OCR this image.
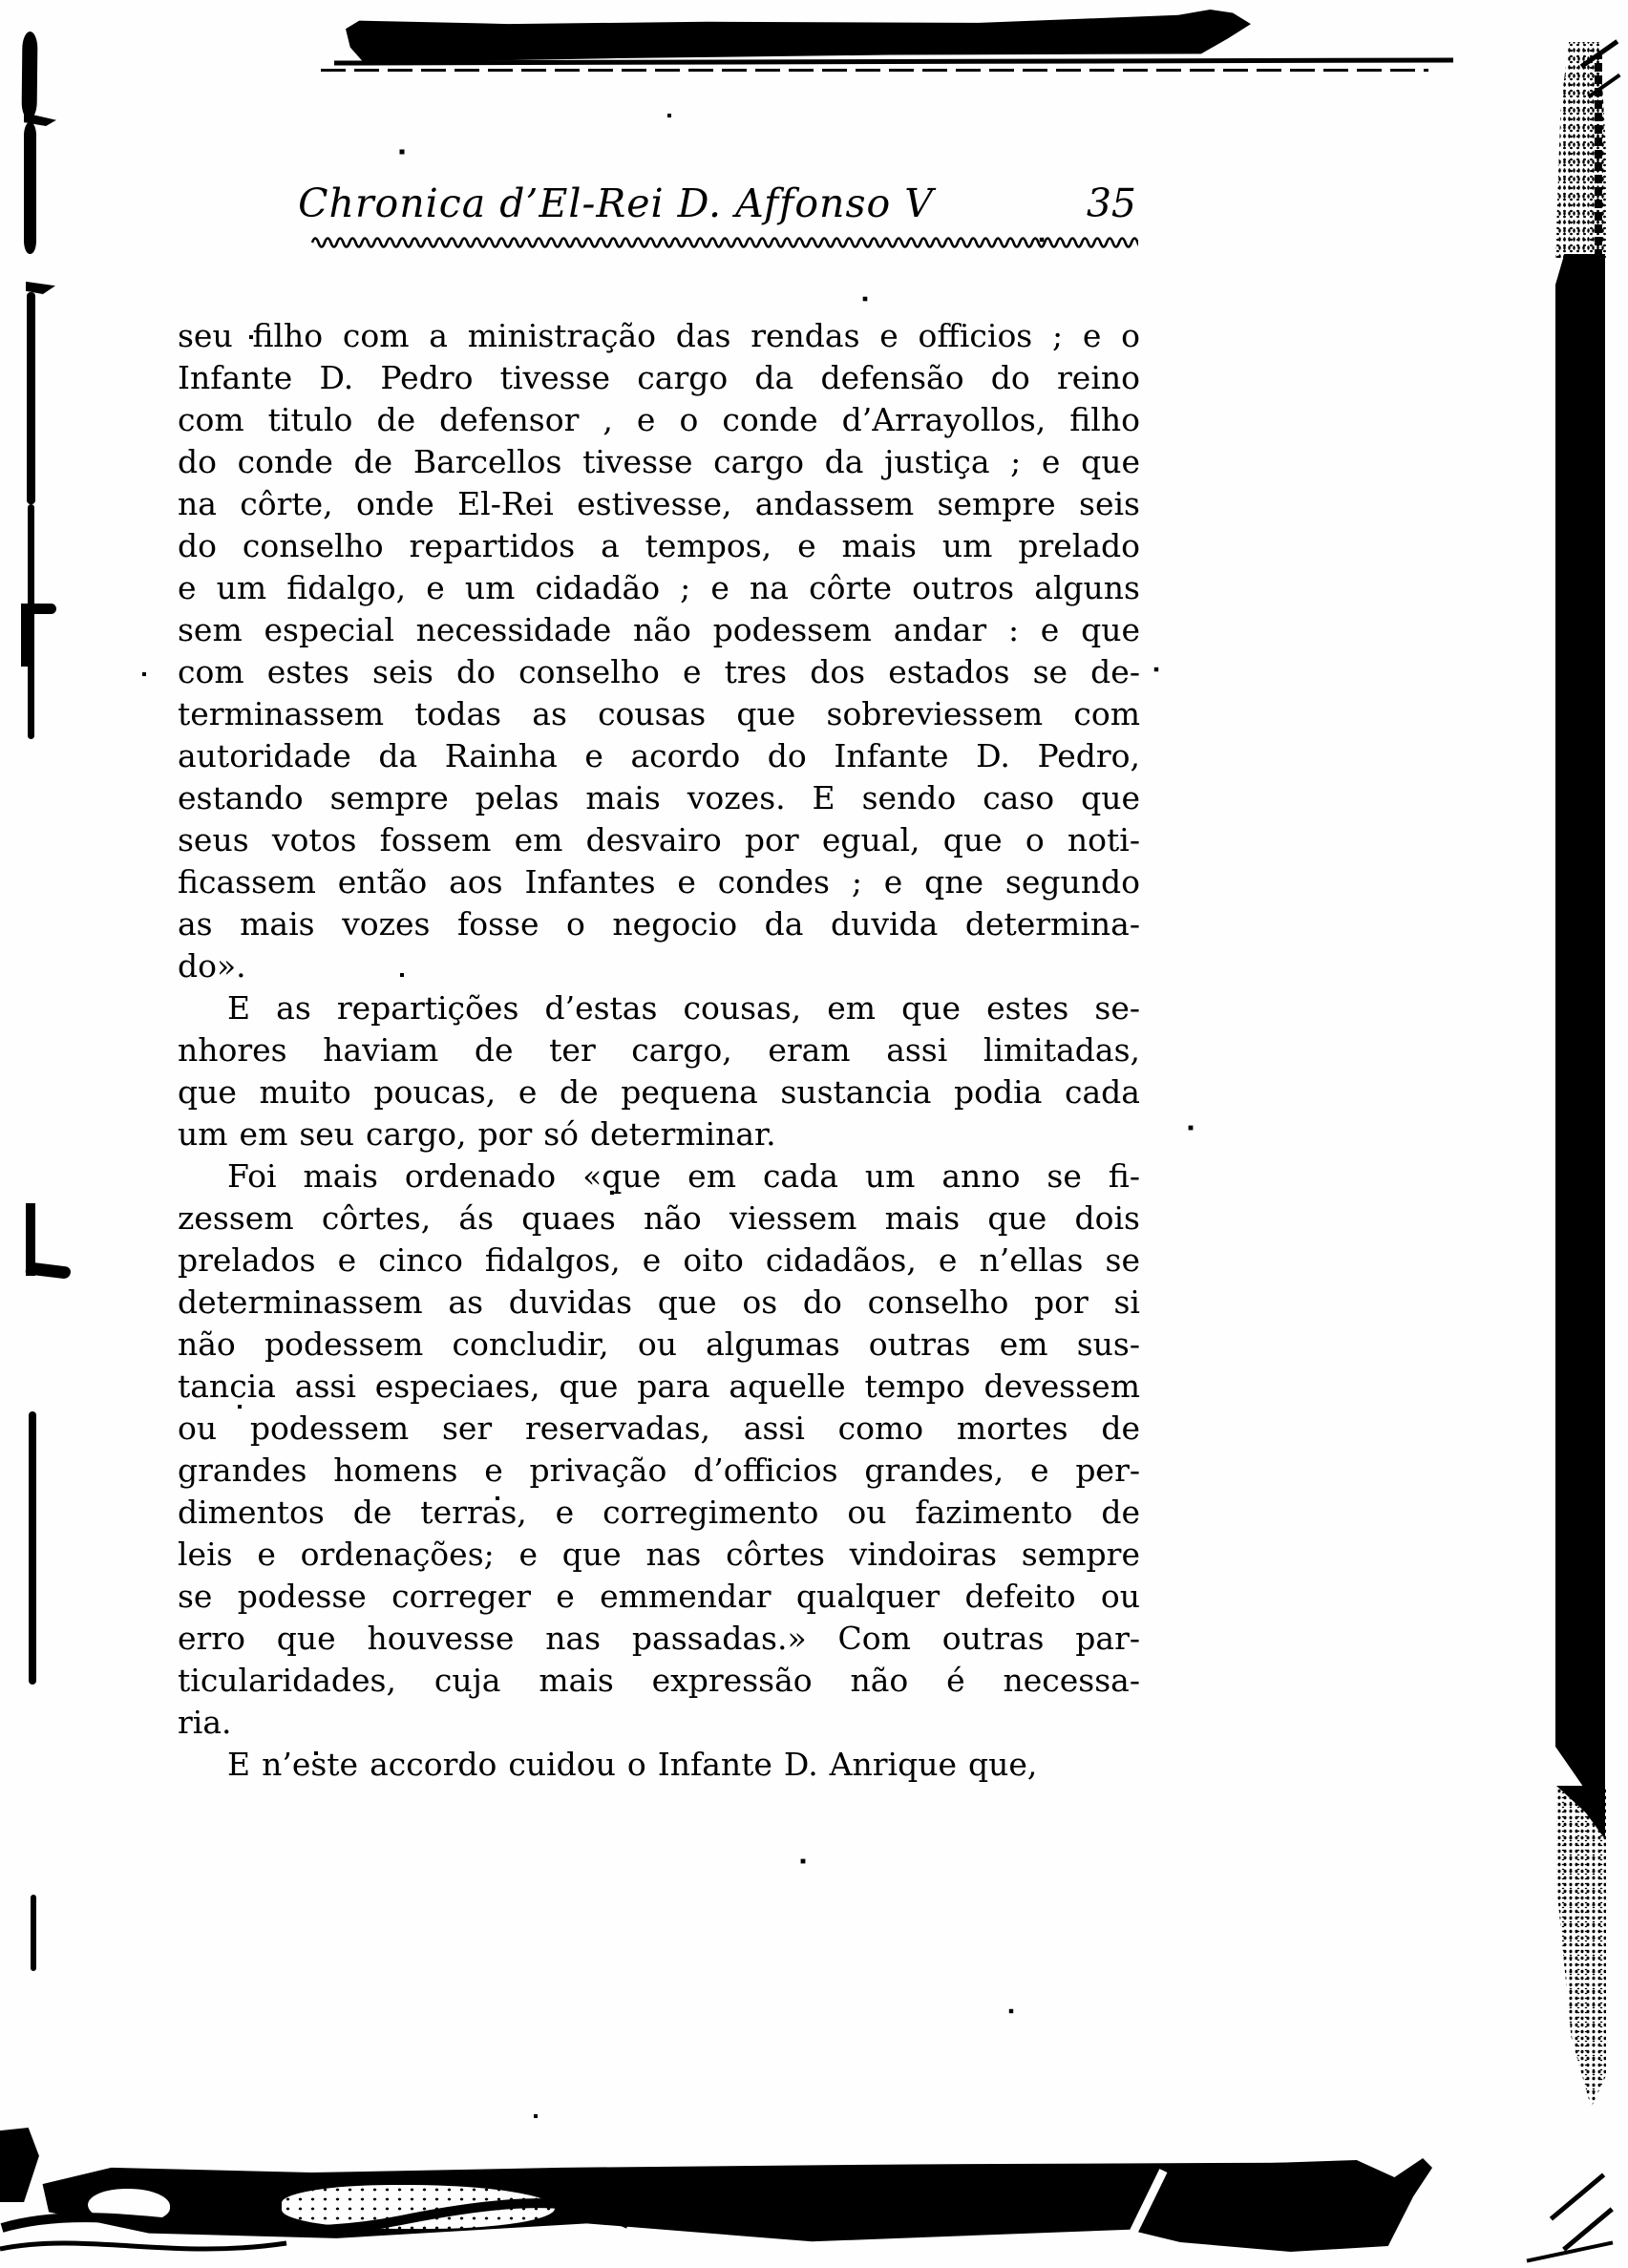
Chronica d’El-Rei D. Affonso V	35
seu filho com a ministração das rendas e officios ; e o
Infante D. Pedro tivesse cargo da defensão do reino
com titulo de defensor , e o conde d’Arrayollos, filho
do conde de Barcellos tivesse cargo da justiça ; e que
na côrte, onde El-Rei estivesse, andassem sempre seis
do conselho repartidos a tempos, e mais um prelado
e um fidalgo, e um cidadão ; e na côrte outros alguns
sem especial necessidade não podessem andar : e que
com estes seis do conselho e tres dos estados se de-
terminassem todas as cousas que sobreviessem com
autoridade da Rainha e acordo do Infante D. Pedro,
estando sempre pelas mais vozes. E sendo caso que
seus votos fossem em desvairo por egual, que o noti-
ficassem então aos Infantes e condes ; e qne segundo
as mais vozes fosse o negocio da duvida determina-
do».
E as repartições d’estas cousas, em que estes se-
nhores haviam de ter cargo, eram assi limitadas,
que muito poucas, e de pequena sustancia podia cada
um em seu cargo, por só determinar.
Foi mais ordenado «que em cada um anno se fi-
zessem côrtes, ás quaes não viessem mais que dois
prelados e cinco fidalgos, e oito cidadãos, e n’ellas se
determinassem as duvidas que os do conselho por si
não podessem concludir, ou algumas outras em sus-
tancia assi especiaes, que para aquelle tempo devessem
ou podessem ser reservadas, assi como mortes de
grandes homens e privação d’officios grandes, e per-
dimentos de terras, e corregimento ou fazimento de
leis e ordenações; e que nas côrtes vindoiras sempre
se podesse correger e emmendar qualquer defeito ou
erro que houvesse nas passadas.» Com outras par-
ticularidades, cuja mais expressão não é necessa-
ria.
E n’este accordo cuidou o Infante D. Anrique que,
